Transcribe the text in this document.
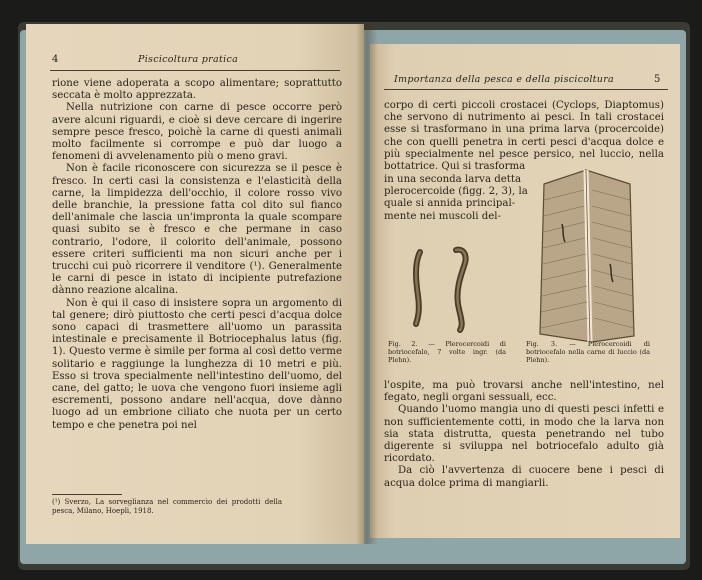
4	Piscicoltura pratica

rione viene adoperata a scopo alimentare; soprattutto seccata è molto apprezzata.

Nella nutrizione con carne di pesce occorre però avere alcuni riguardi, e cioè si deve cercare di ingerire sempre pesce fresco, poichè la carne di questi animali molto facilmente si corrompe e può dar luogo a fenomeni di avvelenamento più o meno gravi.

Non è facile riconoscere con sicurezza se il pesce è fresco. In certi casi la consistenza e l'elasticità della carne, la limpidezza dell'occhio, il colore rosso vivo delle branchie, la pressione fatta col dito sul fianco dell'animale che lascia un'impronta la quale scompare quasi subito se è fresco e che permane in caso contrario, l'odore, il colorito dell'animale, possono essere criteri sufficienti ma non sicuri anche per i trucchi cui può ricorrere il venditore (¹). Generalmente le carni di pesce in istato di incipiente putrefazione dànno reazione alcalina.

Non è qui il caso di insistere sopra un argomento di tal genere; dirò piuttosto che certi pesci d'acqua dolce sono capaci di trasmettere all'uomo un parassita intestinale e precisamente il Botriocephalus latus (fig. 1). Questo verme è simile per forma al così detto verme solitario e raggiunge la lunghezza di 10 metri e più. Esso si trova specialmente nell'intestino dell'uomo, del cane, del gatto; le uova che vengono fuori insieme agli escrementi, possono andare nell'acqua, dove dànno luogo ad un embrione ciliato che nuota per un certo tempo e che penetra poi nel

(¹) Sverzo, La sorveglianza nel commercio dei prodotti della pesca, Milano, Hoepli, 1918.
Importanza della pesca e della piscicoltura	5

corpo di certi piccoli crostacei (Cyclops, Diaptomus) che servono di nutrimento ai pesci. In tali crostacei esse si trasformano in una prima larva (procercoide) che con quelli penetra in certi pesci d'acqua dolce e più specialmente nel pesce persico, nel luccio, nella bottatrice. Qui si trasforma

in una seconda larva detta
plerocercoide (figg. 2, 3), la
quale si annida principal-
mente nei muscoli del-
Fig. 2. — Plerocercoidi di botriocefalo, 7 volte ingr. (da Plehn).
Fig. 3. — Plerocercoidi di botriocefalo nella carne di luccio (da Plehn).

l'ospite, ma può trovarsi anche nell'intestino, nel fegato, negli organi sessuali, ecc.

Quando l'uomo mangia uno di questi pesci infetti e non sufficientemente cotti, in modo che la larva non sia stata distrutta, questa penetrando nel tubo digerente si sviluppa nel botriocefalo adulto già ricordato.

Da ciò l'avvertenza di cuocere bene i pesci di acqua dolce prima di mangiarli.
